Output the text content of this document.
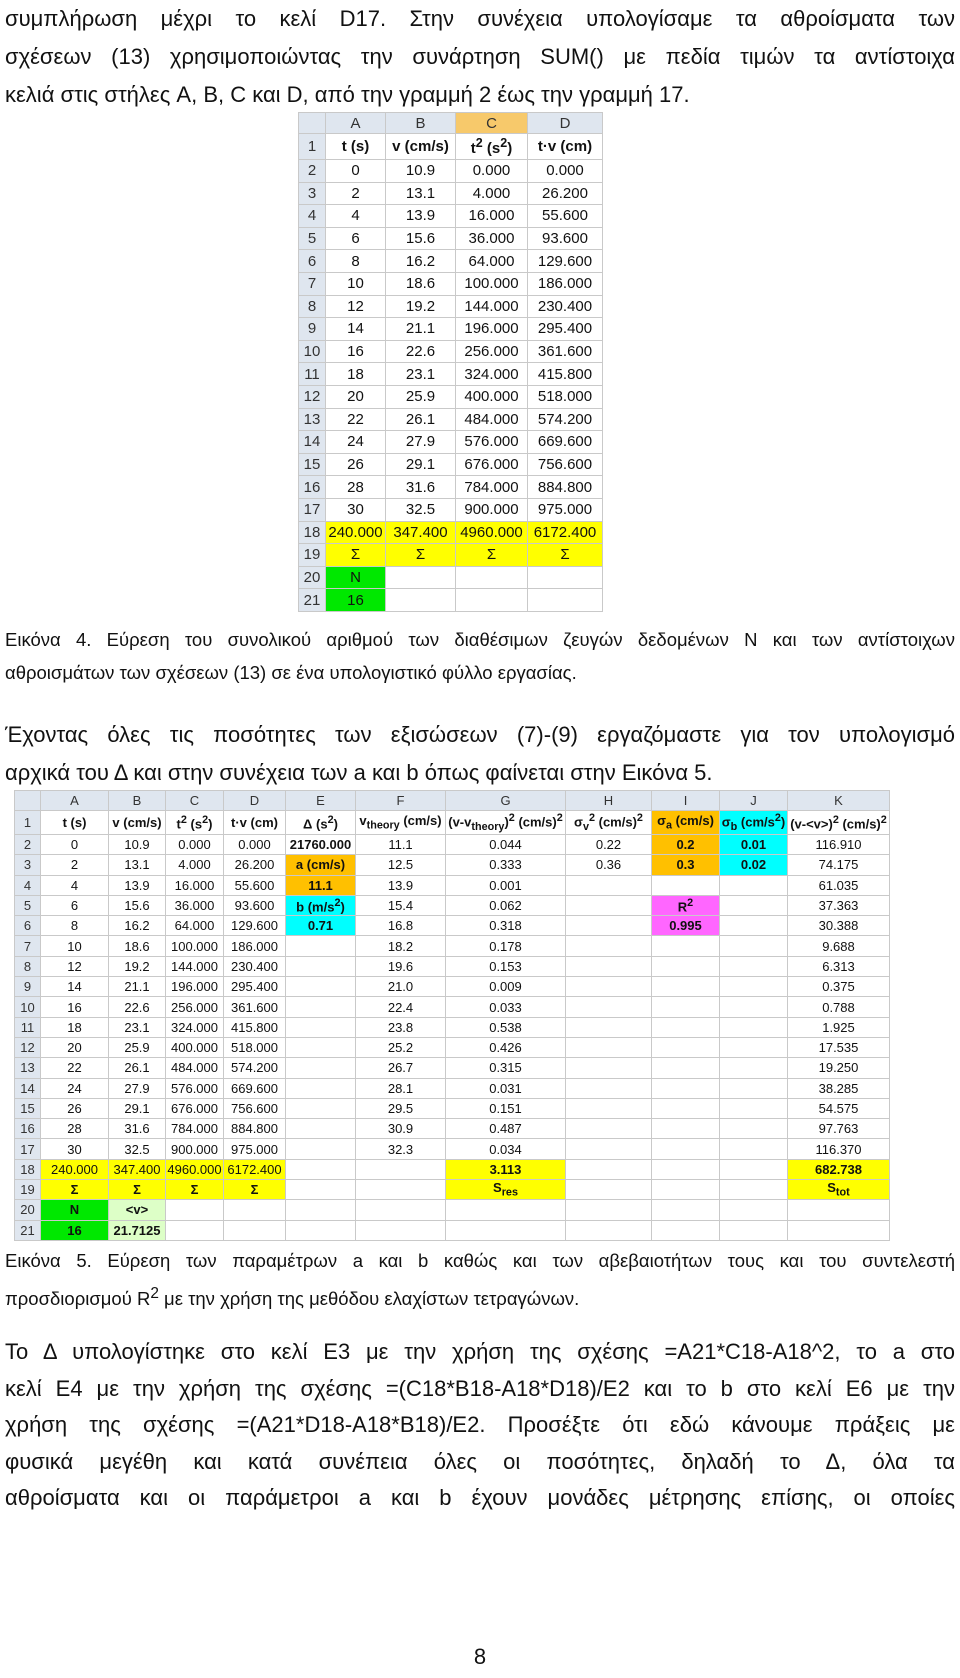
συμπλήρωση μέχρι το κελί D17. Στην συνέχεια υπολογίσαμε τα αθροίσματα των
σχέσεων (13) χρησιμοποιώντας την συνάρτηση SUM() με πεδία τιμών τα αντίστοιχα
κελιά στις στήλες A, B, C και D, από την γραμμή 2 έως την γραμμή 17.

	A	B	C	D
1	t (s)	v (cm/s)	$t^2$ $(s^2)$	t·v (cm)
2	0	10.9	0.000	0.000
3	2	13.1	4.000	26.200
4	4	13.9	16.000	55.600
5	6	15.6	36.000	93.600
6	8	16.2	64.000	129.600
7	10	18.6	100.000	186.000
8	12	19.2	144.000	230.400
9	14	21.1	196.000	295.400
10	16	22.6	256.000	361.600
11	18	23.1	324.000	415.800
12	20	25.9	400.000	518.000
13	22	26.1	484.000	574.200
14	24	27.9	576.000	669.600
15	26	29.1	676.000	756.600
16	28	31.6	784.000	884.800
17	30	32.5	900.000	975.000
18	240.000	347.400	4960.000	6172.400
19	Σ	Σ	Σ	Σ
20	N			
21	16			

Εικόνα 4. Εύρεση του συνολικού αριθμού των διαθέσιμων ζευγών δεδομένων N και των αντίστοιχων
αθροισμάτων των σχέσεων (13) σε ένα υπολογιστικό φύλλο εργασίας.

Έχοντας όλες τις ποσότητες των εξισώσεων (7)-(9) εργαζόμαστε για τον υπολογισμό
αρχικά του Δ και στην συνέχεια των a και b όπως φαίνεται στην Εικόνα 5.

	A	B	C	D	E	F	G	H	I	J	K
1	t (s)	v (cm/s)	$t^2$ $(s^2)$	t·v (cm)	Δ $(s^2)$	$v_{theory}$ (cm/s)	$(v-v_{theory})^2$ $(cm/s)^2$	$\sigma_v^2$ $(cm/s)^2$	$\sigma_a$ (cm/s)	$\sigma_b$ $(cm/s^2)$	(v-<v>)$^2$ $(cm/s)^2$
2	0	10.9	0.000	0.000	21760.000	11.1	0.044	0.22	0.2	0.01	116.910
3	2	13.1	4.000	26.200	a (cm/s)	12.5	0.333	0.36	0.3	0.02	74.175
4	4	13.9	16.000	55.600	11.1	13.9	0.001				61.035
5	6	15.6	36.000	93.600	b $(m/s^2)$	15.4	0.062		$R^2$		37.363
6	8	16.2	64.000	129.600	0.71	16.8	0.318		0.995		30.388
7	10	18.6	100.000	186.000		18.2	0.178				9.688
8	12	19.2	144.000	230.400		19.6	0.153				6.313
9	14	21.1	196.000	295.400		21.0	0.009				0.375
10	16	22.6	256.000	361.600		22.4	0.033				0.788
11	18	23.1	324.000	415.800		23.8	0.538				1.925
12	20	25.9	400.000	518.000		25.2	0.426				17.535
13	22	26.1	484.000	574.200		26.7	0.315				19.250
14	24	27.9	576.000	669.600		28.1	0.031				38.285
15	26	29.1	676.000	756.600		29.5	0.151				54.575
16	28	31.6	784.000	884.800		30.9	0.487				97.763
17	30	32.5	900.000	975.000		32.3	0.034				116.370
18	240.000	347.400	4960.000	6172.400			3.113				682.738
19	Σ	Σ	Σ	Σ			$S_{res}$				$S_{tot}$
20	N	<v>									
21	16	21.7125									

Εικόνα 5. Εύρεση των παραμέτρων a και b καθώς και των αβεβαιοτήτων τους και του συντελεστή
προσδιορισμού $R^2$ με την χρήση της μεθόδου ελαχίστων τετραγώνων.

Το Δ υπολογίστηκε στο κελί E3 με την χρήση της σχέσης =A21*C18-A18^2, το a στο
κελί E4 με την χρήση της σχέσης =(C18*B18-A18*D18)/E2 και το b στο κελί E6 με την
χρήση της σχέσης =(A21*D18-A18*B18)/E2. Προσέξτε ότι εδώ κάνουμε πράξεις με
φυσικά μεγέθη και κατά συνέπεια όλες οι ποσότητες, δηλαδή το Δ, όλα τα
αθροίσματα και οι παράμετροι a και b έχουν μονάδες μέτρησης επίσης, οι οποίες

8
